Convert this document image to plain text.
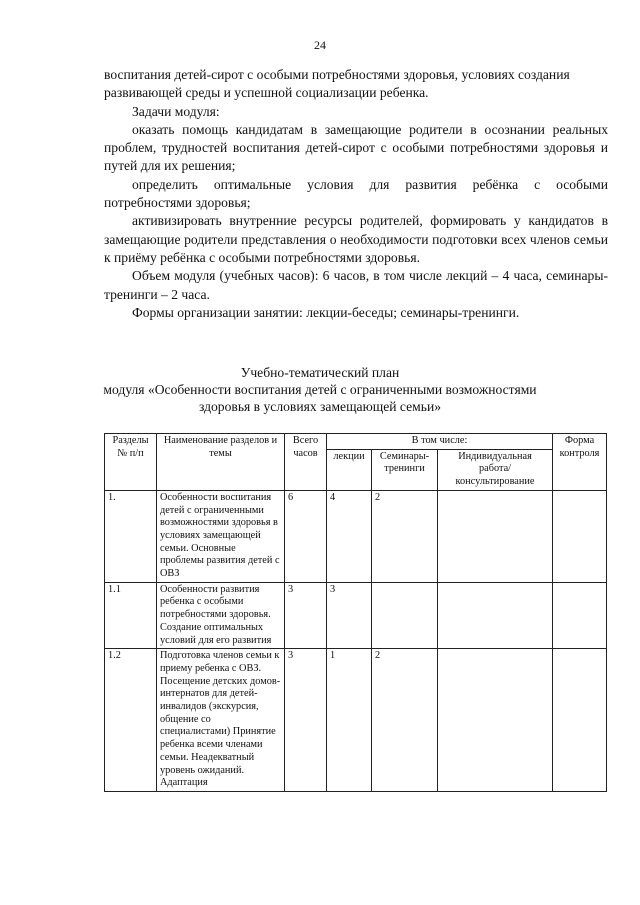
24

воспитания детей-сирот с особыми потребностями здоровья, условиях создания

развивающей среды и успешной социализации ребенка.

Задачи модуля:

оказать помощь кандидатам в замещающие родители в осознании реальных проблем, трудностей воспитания детей-сирот с особыми потребностями здоровья и путей для их решения;

определить оптимальные условия для развития ребёнка с особыми потребностями здоровья;

активизировать внутренние ресурсы родителей, формировать у кандидатов в замещающие родители представления о необходимости подготовки всех членов семьи к приёму ребёнка с особыми потребностями здоровья.

Объем модуля (учебных часов): 6 часов, в том числе лекций – 4 часа, семинары-тренинги – 2 часа.

Формы организации занятии: лекции-беседы; семинары-тренинги.

Учебно-тематический план
модуля «Особенности воспитания детей с ограниченными возможностями
здоровья в условиях замещающей семьи»
Разделы № п/п	Наименование разделов и темы	Всего часов	В том числе:			Форма контроля
			лекции	Семинары-тренинги	Индивидуальная работа/ консультирование	
1.	Особенности воспитания детей с ограниченными возможностями здоровья в условиях замещающей семьи. Основные проблемы развития детей с ОВЗ	6	4	2		
1.1	Особенности развития ребенка с особыми потребностями здоровья. Создание оптимальных условий для его развития	3	3			
1.2	Подготовка членов семьи к приему ребенка с ОВЗ. Посещение детских домов- интернатов для детей-инвалидов (экскурсия, общение со специалистами) Принятие ребенка всеми членами семьи. Неадекватный уровень ожиданий. Адаптация	3	1	2		
